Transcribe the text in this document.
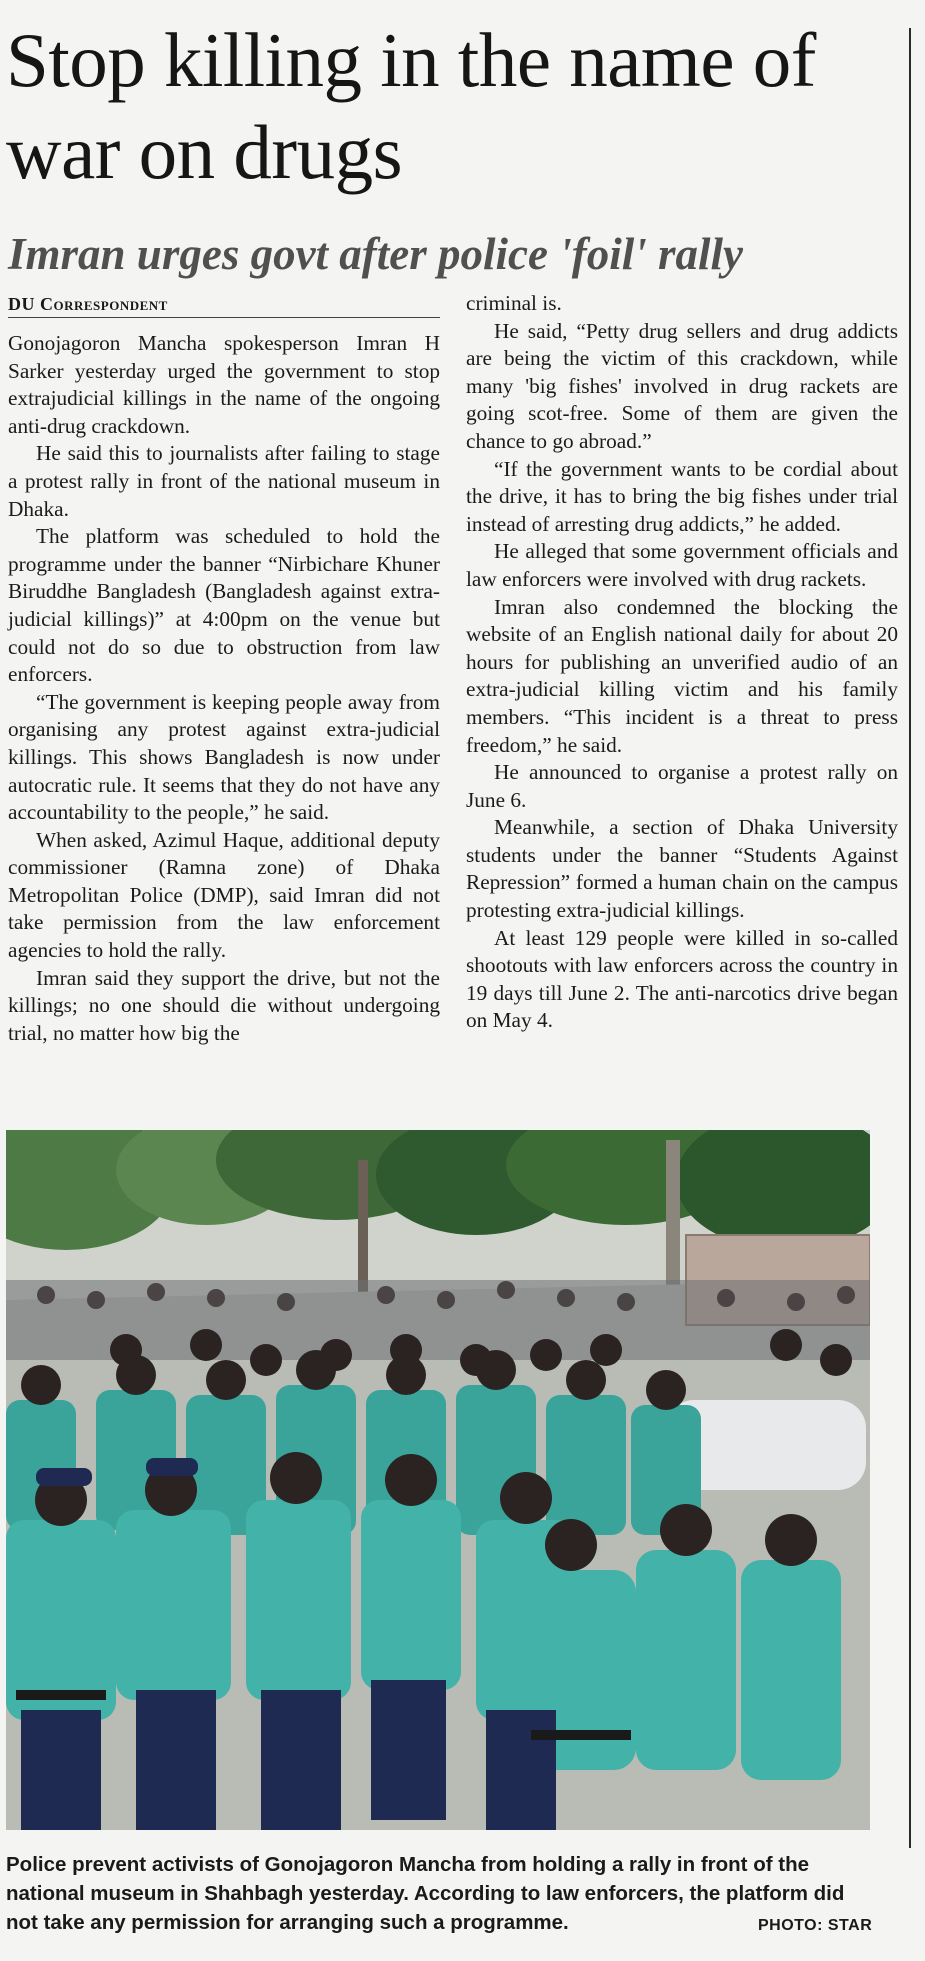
Stop killing in the name of war on drugs
Imran urges govt after police 'foil' rally
DU Correspondent

Gonojagoron Mancha spokesperson Imran H Sarker yesterday urged the government to stop extrajudicial killings in the name of the ongoing anti-drug crackdown.

He said this to journalists after failing to stage a protest rally in front of the national museum in Dhaka.

The platform was scheduled to hold the programme under the banner “Nirbichare Khuner Biruddhe Bangladesh (Bangladesh against extra-judicial killings)” at 4:00pm on the venue but could not do so due to obstruction from law enforcers.

“The government is keeping people away from organising any protest against extra-judicial killings. This shows Bangladesh is now under autocratic rule. It seems that they do not have any accountability to the people,” he said.

When asked, Azimul Haque, additional deputy commissioner (Ramna zone) of Dhaka Metropolitan Police (DMP), said Imran did not take permission from the law enforcement agencies to hold the rally.

Imran said they support the drive, but not the killings; no one should die without undergoing trial, no matter how big the

criminal is.

He said, “Petty drug sellers and drug addicts are being the victim of this crackdown, while many 'big fishes' involved in drug rackets are going scot-free. Some of them are given the chance to go abroad.”

“If the government wants to be cordial about the drive, it has to bring the big fishes under trial instead of arresting drug addicts,” he added.

He alleged that some government officials and law enforcers were involved with drug rackets.

Imran also condemned the blocking the website of an English national daily for about 20 hours for publishing an unverified audio of an extra-judicial killing victim and his family members. “This incident is a threat to press freedom,” he said.

He announced to organise a protest rally on June 6.

Meanwhile, a section of Dhaka University students under the banner “Students Against Repression” formed a human chain on the campus protesting extra-judicial killings.

At least 129 people were killed in so-called shootouts with law enforcers across the country in 19 days till June 2. The anti-narcotics drive began on May 4.

Police prevent activists of Gonojagoron Mancha from holding a rally in front of the national museum in Shahbagh yesterday. According to law enforcers, the platform did not take any permission for arranging such a programme.	PHOTO: STAR
